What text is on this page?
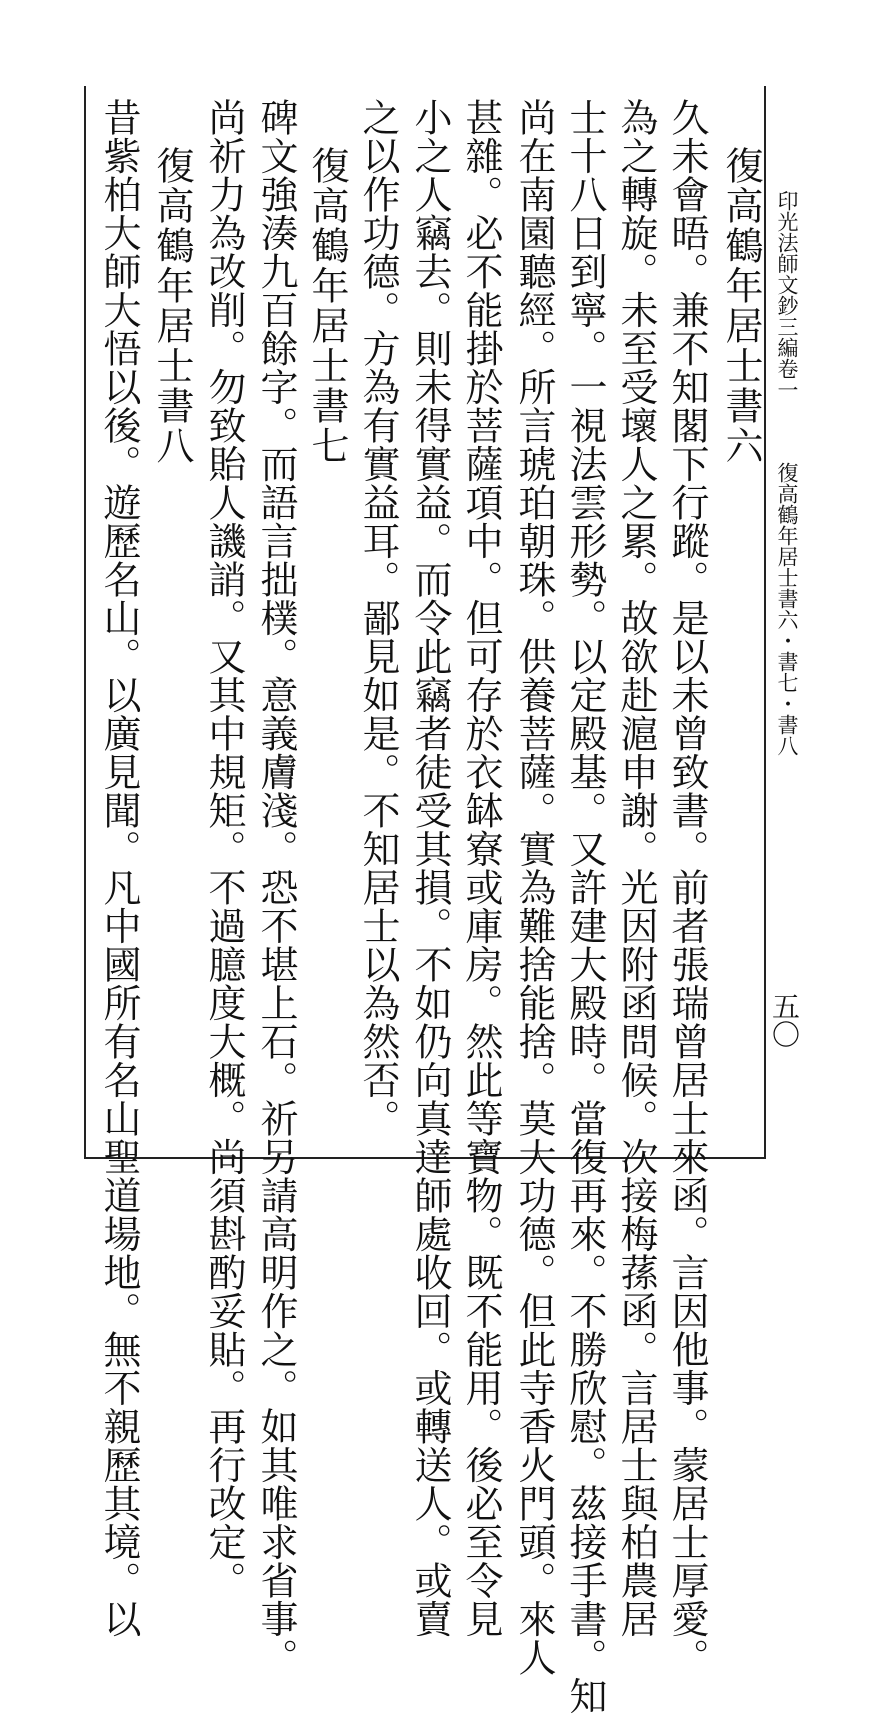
印光法師文鈔三編卷一
復高鶴年居士書六・書七・書八
五〇
復高鶴年居士書六
久未會晤。兼不知閣下行蹤。是以未曾致書。前者張瑞曾居士來函。言因他事。蒙居士厚愛。
為之轉旋。未至受壞人之累。故欲赴滬申謝。光因附函問候。次接梅蓀函。言居士與柏農居
士十八日到寧。一視法雲形勢。以定殿基。又許建大殿時。當復再來。不勝欣慰。茲接手書。知
尚在南園聽經。所言琥珀朝珠。供養菩薩。實為難捨能捨。莫大功德。但此寺香火門頭。來人
甚雜。必不能掛於菩薩項中。但可存於衣缽寮或庫房。然此等寶物。既不能用。後必至令見
小之人竊去。則未得實益。而令此竊者徒受其損。不如仍向真達師處收回。或轉送人。或賣
之以作功德。方為有實益耳。鄙見如是。不知居士以為然否。
復高鶴年居士書七
碑文強湊九百餘字。而語言拙樸。意義膚淺。恐不堪上石。祈另請高明作之。如其唯求省事。
尚祈力為改削。勿致貽人譏誚。又其中規矩。不過臆度大概。尚須斟酌妥貼。再行改定。
復高鶴年居士書八
昔紫柏大師大悟以後。遊歷名山。以廣見聞。凡中國所有名山聖道場地。無不親歷其境。以
